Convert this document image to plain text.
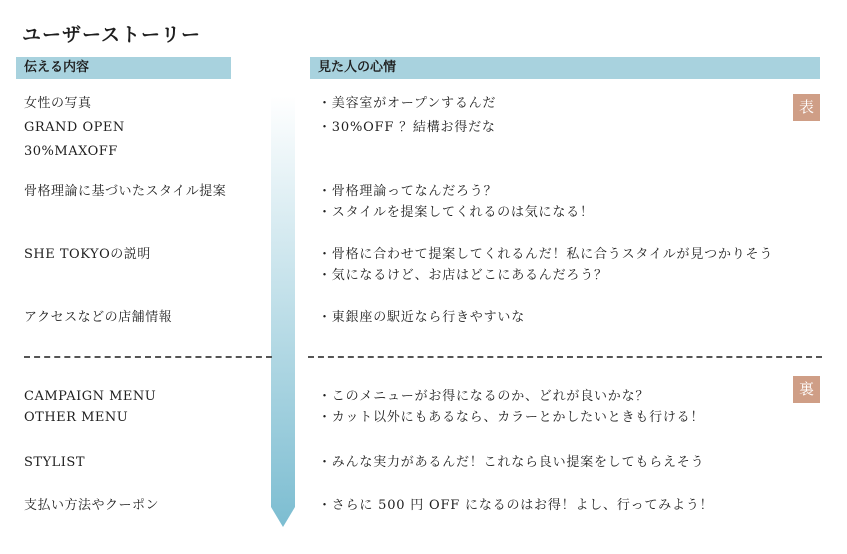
ユーザーストーリー
伝える内容	見た人の心情
表
裏
女性の写真
GRAND OPEN
30%MAXOFF
骨格理論に基づいたスタイル提案
SHE TOKYOの説明
アクセスなどの店舗情報
CAMPAIGN MENU
OTHER MENU
STYLIST
支払い方法やクーポン
・美容室がオープンするんだ
・30%OFF ？結構お得だな
・骨格理論ってなんだろう？
・スタイルを提案してくれるのは気になる！
・骨格に合わせて提案してくれるんだ！私に合うスタイルが見つかりそう
・気になるけど、お店はどこにあるんだろう？
・東銀座の駅近なら行きやすいな
・このメニューがお得になるのか、どれが良いかな？
・カット以外にもあるなら、カラーとかしたいときも行ける！
・みんな実力があるんだ！これなら良い提案をしてもらえそう
・さらに 500 円 OFF になるのはお得！よし、行ってみよう！
